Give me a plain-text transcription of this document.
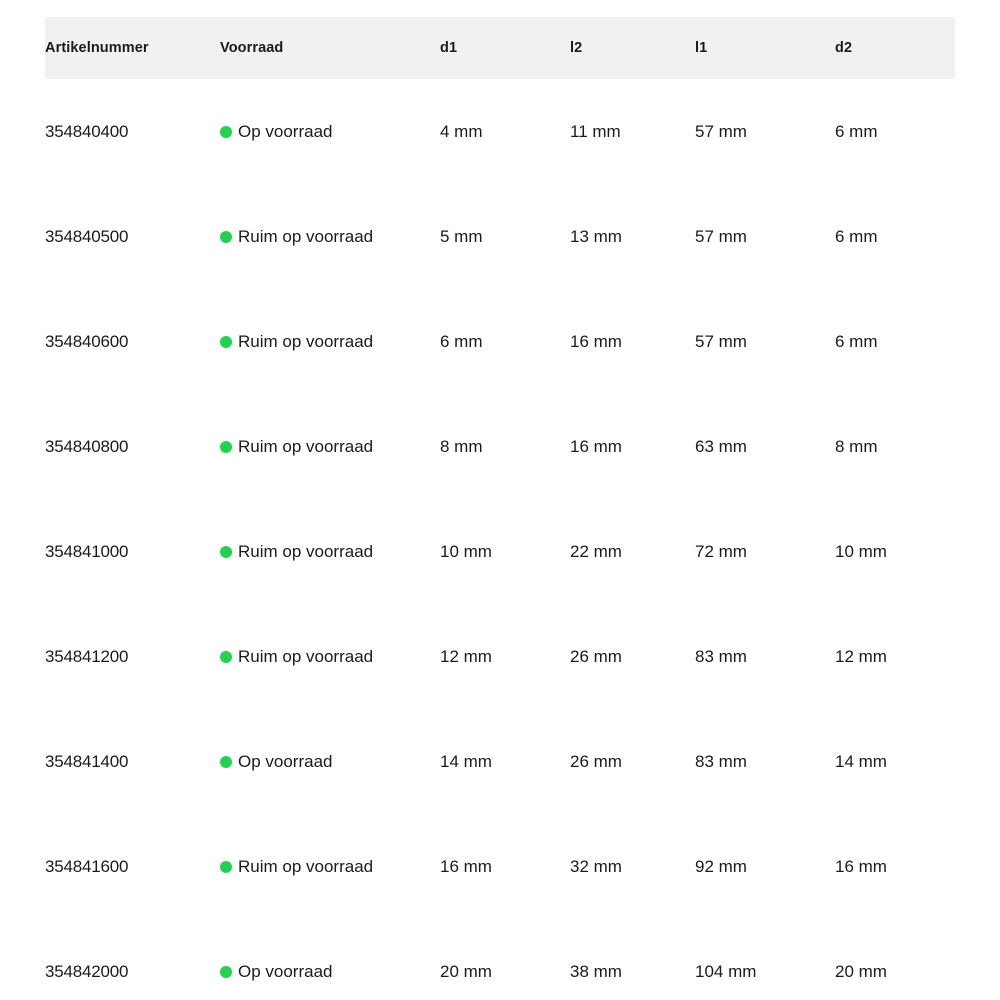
Artikelnummer	Voorraad	d1	l2	l1	d2
354840400	Op voorraad	4 mm	11 mm	57 mm	6 mm
354840500	Ruim op voorraad	5 mm	13 mm	57 mm	6 mm
354840600	Ruim op voorraad	6 mm	16 mm	57 mm	6 mm
354840800	Ruim op voorraad	8 mm	16 mm	63 mm	8 mm
354841000	Ruim op voorraad	10 mm	22 mm	72 mm	10 mm
354841200	Ruim op voorraad	12 mm	26 mm	83 mm	12 mm
354841400	Op voorraad	14 mm	26 mm	83 mm	14 mm
354841600	Ruim op voorraad	16 mm	32 mm	92 mm	16 mm
354842000	Op voorraad	20 mm	38 mm	104 mm	20 mm
